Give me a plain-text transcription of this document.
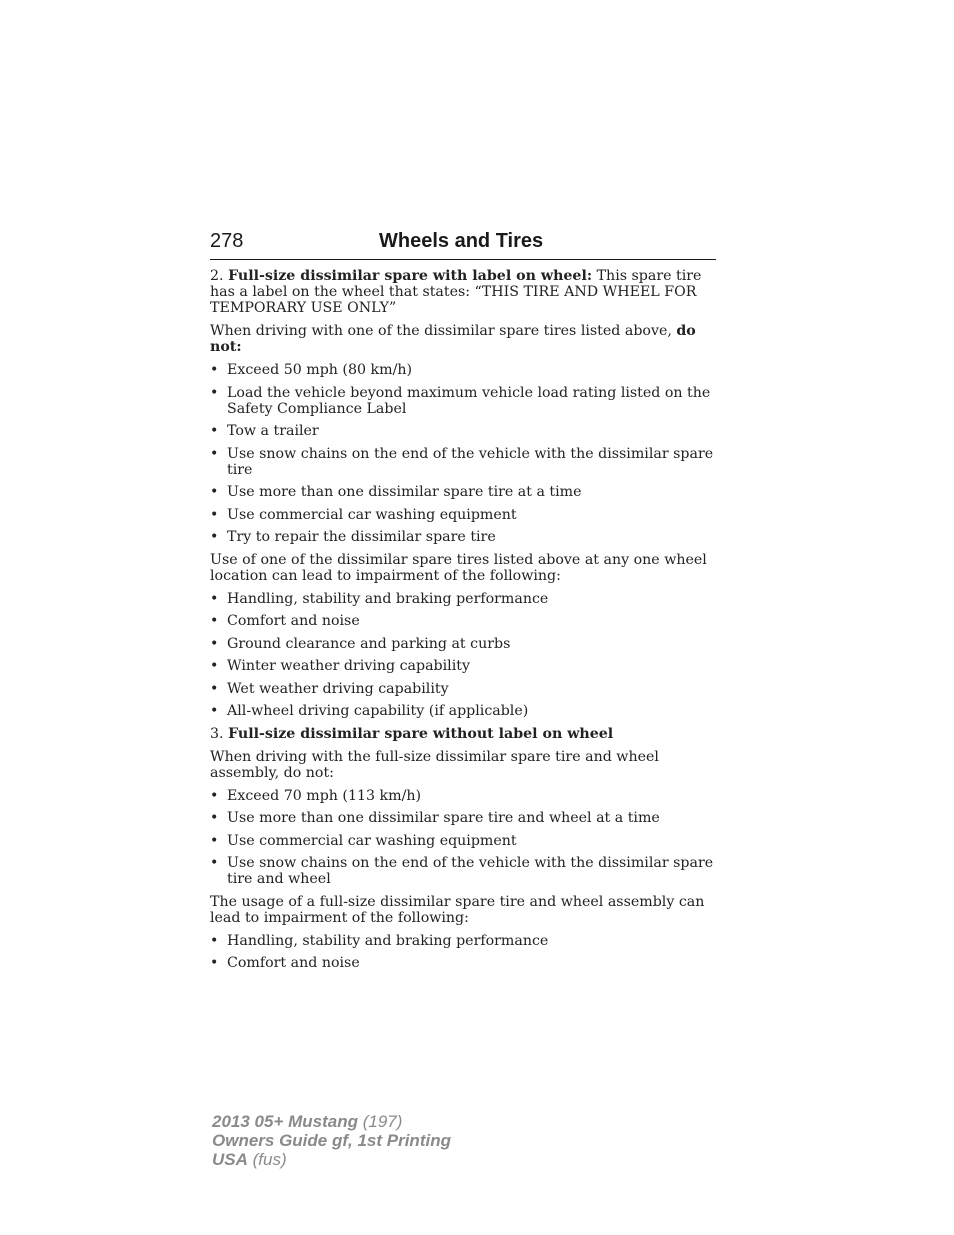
278	Wheels and Tires

2. Full-size dissimilar spare with label on wheel: This spare tire has a label on the wheel that states: “THIS TIRE AND WHEEL FOR TEMPORARY USE ONLY”

When driving with one of the dissimilar spare tires listed above, do not:

• Exceed 50 mph (80 km/h)
• Load the vehicle beyond maximum vehicle load rating listed on the Safety Compliance Label
• Tow a trailer
• Use snow chains on the end of the vehicle with the dissimilar spare tire
• Use more than one dissimilar spare tire at a time
• Use commercial car washing equipment
• Try to repair the dissimilar spare tire

Use of one of the dissimilar spare tires listed above at any one wheel location can lead to impairment of the following:

• Handling, stability and braking performance
• Comfort and noise
• Ground clearance and parking at curbs
• Winter weather driving capability
• Wet weather driving capability
• All-wheel driving capability (if applicable)

3. Full-size dissimilar spare without label on wheel

When driving with the full-size dissimilar spare tire and wheel assembly, do not:

• Exceed 70 mph (113 km/h)
• Use more than one dissimilar spare tire and wheel at a time
• Use commercial car washing equipment
• Use snow chains on the end of the vehicle with the dissimilar spare tire and wheel

The usage of a full-size dissimilar spare tire and wheel assembly can lead to impairment of the following:

• Handling, stability and braking performance
• Comfort and noise
2013 05+ Mustang (197)
Owners Guide gf, 1st Printing
USA (fus)
